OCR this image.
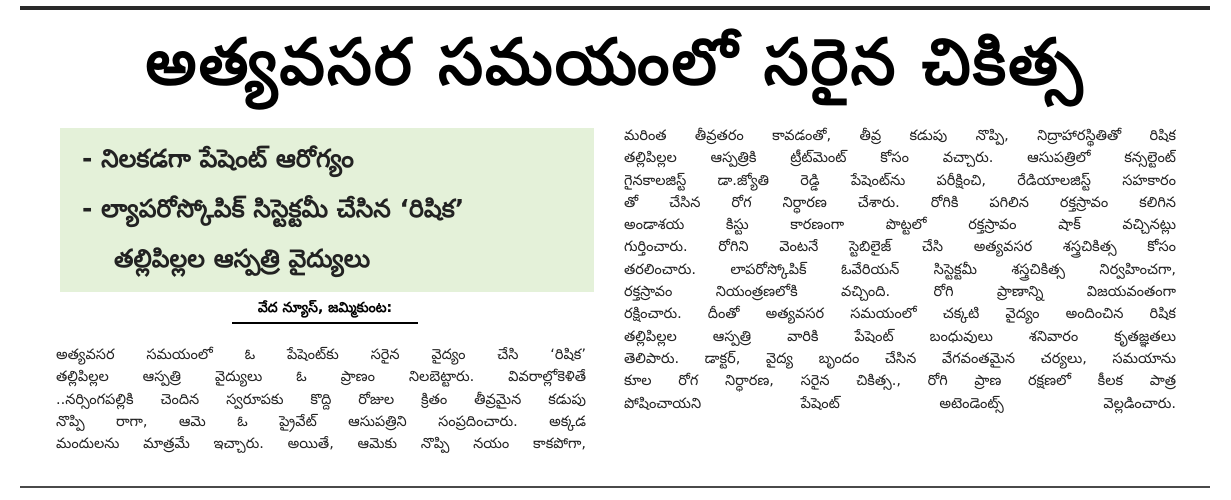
అత్యవసర సమయంలో సరైన చికిత్స
- నిలకడగా పేషెంట్ ఆరోగ్యం
- ల్యాపరోస్కోపిక్ సిస్టెక్టమీ చేసిన ‘రిషిక’
తల్లిపిల్లల ఆస్పత్రి వైద్యులు
వేద న్యూస్, జమ్మికుంట:
అత్యవసర సమయంలో ఓ పేషెంట్‌కు సరైన వైద్యం చేసి ‘రిషిక’
తల్లిపిల్లల ఆస్పత్రి వైద్యులు ఓ ప్రాణం నిలబెట్టారు. వివరాల్లోకెళితే
..నర్సింగపల్లికి చెందిన స్వరూపకు కొద్ది రోజుల క్రితం తీవ్రమైన కడుపు
నొప్పి రాగా, ఆమె ఓ ప్రైవేట్ ఆసుపత్రిని సంప్రదించారు. అక్కడ
మందులను మాత్రమే ఇచ్చారు. అయితే, ఆమెకు నొప్పి నయం కాకపోగా,
మరింత తీవ్రతరం కావడంతో, తీవ్ర కడుపు నొప్పి, నిద్రాహారస్థితితో రిషిక
తల్లిపిల్లల ఆస్పత్రికి ట్రీట్‌మెంట్ కోసం వచ్చారు. ఆసుపత్రిలో కన్సల్టెంట్
గైనకాలజిస్ట్ డా.జ్యోతి రెడ్డి పేషెంట్‌ను పరీక్షించి, రేడియాలజిస్ట్ సహకారం
తో చేసిన రోగ నిర్ధారణ చేశారు. రోగికి పగిలిన రక్తస్రావం కలిగిన
అండాశయ కిస్టు కారణంగా పొట్టలో రక్తస్రావం షాక్ వచ్చినట్లు
గుర్తించారు. రోగిని వెంటనే స్టెబిలైజ్ చేసి అత్యవసర శస్త్రచికిత్స కోసం
తరలించారు. లాపరోస్కోపిక్ ఓవేరియన్ సిస్టెక్టమీ శస్త్రచికిత్స నిర్వహించగా,
రక్తస్రావం నియంత్రణలోకి వచ్చింది. రోగి ప్రాణాన్ని విజయవంతంగా
రక్షించారు. దీంతో అత్యవసర సమయంలో చక్కటి వైద్యం అందించిన రిషిక
తల్లిపిల్లల ఆస్పత్రి వారికి పేషెంట్ బంధువులు శనివారం కృతజ్ఞతలు
తెలిపారు. డాక్టర్, వైద్య బృందం చేసిన వేగవంతమైన చర్యలు, సమయాను
కూల రోగ నిర్ధారణ, సరైన చికిత్స., రోగి ప్రాణ రక్షణలో కీలక పాత్ర
పోషించాయని పేషెంట్ అటెండెంట్స్ వెల్లడించారు.
